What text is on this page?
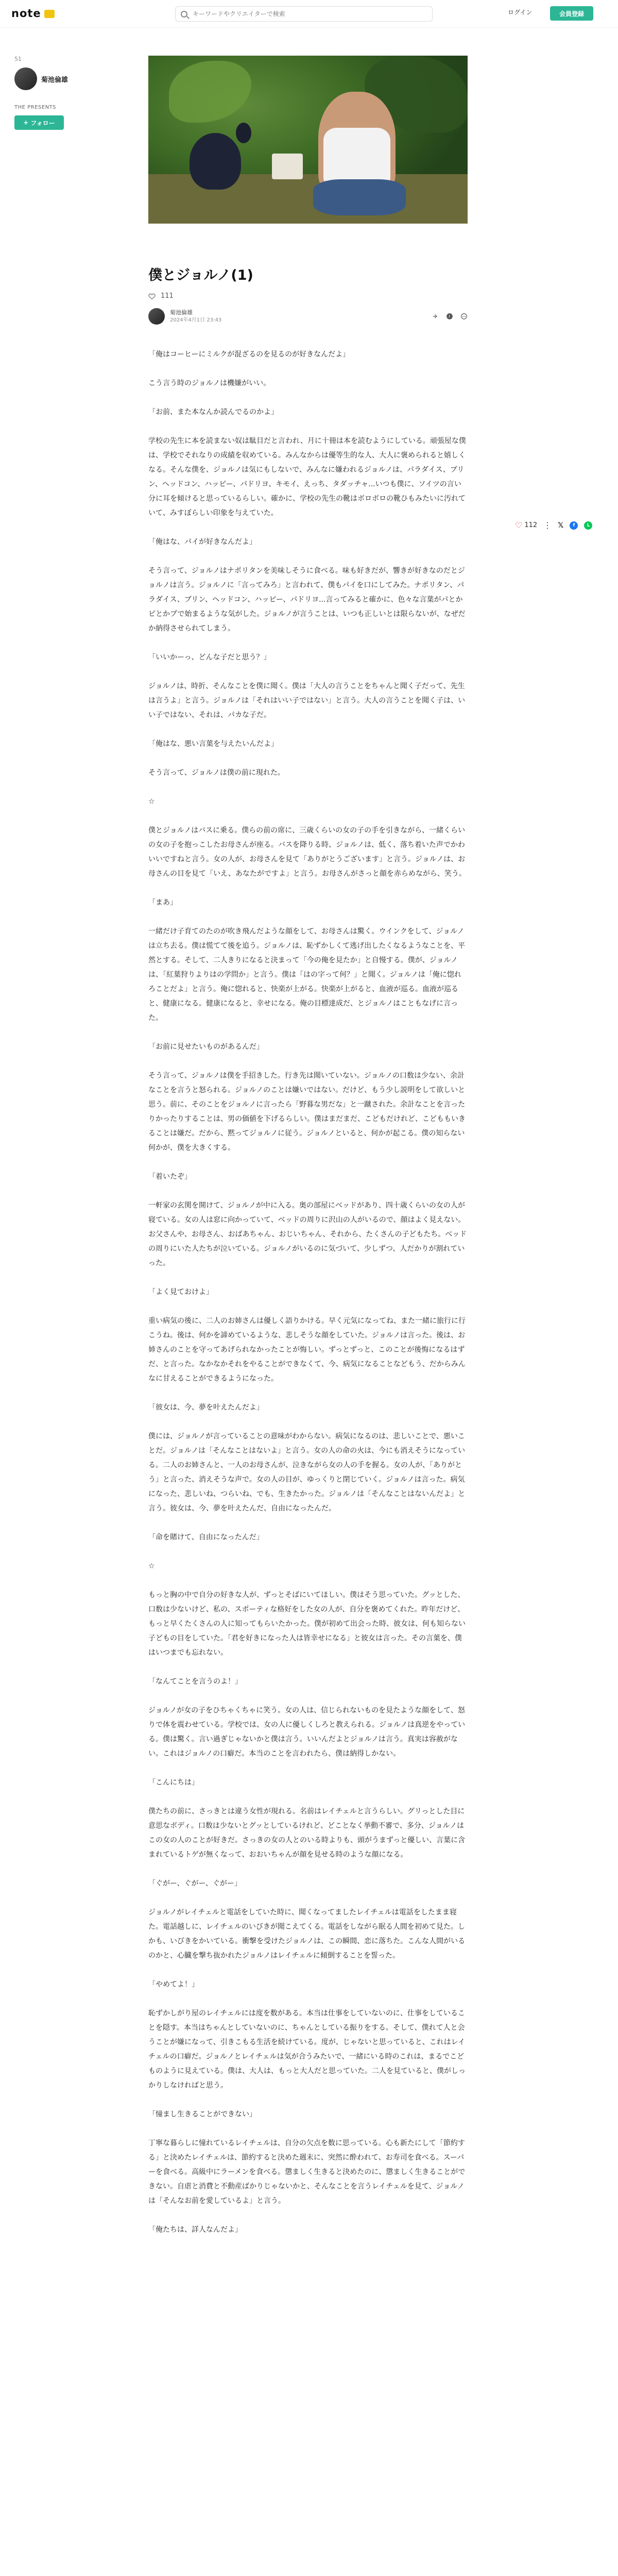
note
キーワードやクリエイターで検索	ログイン	会員登録
51
菊池倫雄
THE PRESENTS
+ フォロー
僕とジョルノ(1)
111
菊池倫雄
2024年4月1日 23:43
f

「俺はコーヒーにミルクが混ざるのを見るのが好きなんだよ」

こう言う時のジョルノは機嫌がいい。

「お前、また本なんか読んでるのかよ」

学校の先生に本を読まない奴は駄目だと言われ、月に十冊は本を読むようにしている。頑張屋な僕は、学校でそれなりの成績を収めている。みんなからは優等生的な人、大人に褒められると嬉しくなる。そんな僕を、ジョルノは気にもしないで、みんなに嫌われるジョルノは、パラダイス、ブリン、ヘッドコン、ハッピー、パドリヨ、キモイ、えっち、タダッチャ...いつも僕に、ソイツの言い分に耳を傾けると思っているらしい。確かに、学校の先生の靴はボロボロの靴ひもみたいに汚れていて、みすぼらしい印象を与えていた。

「俺はな、パイが好きなんだよ」

そう言って、ジョルノはナポリタンを美味しそうに食べる。味も好きだが、響きが好きなのだとジョルノは言う。ジョルノに「言ってみろ」と言われて、僕もパイを口にしてみた。ナポリタン、パラダイス、ブリン、ヘッドコン、ハッピー、パドリヨ...言ってみると確かに、色々な言葉がパとかピとかプで始まるような気がした。ジョルノが言うことは、いつも正しいとは限らないが、なぜだか納得させられてしまう。

「いいかーっ、どんな子だと思う？」

ジョルノは、時折、そんなことを僕に聞く。僕は「大人の言うことをちゃんと聞く子だって、先生は言うよ」と言う。ジョルノは「それはいい子ではない」と言う。大人の言うことを聞く子は、いい子ではない、それは、パカな子だ。

「俺はな、悪い言葉を与えたいんだよ」

そう言って、ジョルノは僕の前に現れた。

☆

僕とジョルノはバスに乗る。僕らの前の席に、三歳くらいの女の子の手を引きながら、一緒くらいの女の子を抱っこしたお母さんが座る。バスを降りる時、ジョルノは、低く、落ち着いた声でかわいいですねと言う。女の人が、お母さんを見て「ありがとうございます」と言う。ジョルノは、お母さんの目を見て「いえ、あなたがですよ」と言う。お母さんがさっと顔を赤らめながら、笑う。

「まあ」

一緒だけ子育てのたのが吹き飛んだような顔をして、お母さんは驚く。ウインクをして、ジョルノは立ち去る。僕は慌てて後を追う。ジョルノは、恥ずかしくて逃げ出したくなるようなことを、平然とする。そして、二人きりになると決まって「今の俺を見たか」と自慢する。僕が、ジョルノは、「紅葉狩りよりはの学問か」と言う。僕は「はの字って何？」と聞く。ジョルノは「俺に惚れろことだよ」と言う。俺に惚れると、快楽が上がる。快楽が上がると、血液が巡る。血液が巡ると、健康になる。健康になると、幸せになる。俺の目標達成だ、とジョルノはこともなげに言った。

「お前に見せたいものがあるんだ」

そう言って、ジョルノは僕を手招きした。行き先は聞いていない。ジョルノの口数は少ない、余計なことを言うと怒られる。ジョルノのことは嫌いではない。だけど、もう少し説明をして欲しいと思う。前に、そのことをジョルノに言ったら「野暮な男だな」と一蹴された。余計なことを言ったりかったりすることは、男の価値を下げるらしい。僕はまだまだ、こどもだけれど、こどももいきることは嫌だ。だから、黙ってジョルノに従う。ジョルノといると、何かが起こる。僕の知らない何かが、僕を大きくする。

「着いたぞ」

一軒家の玄関を開けて、ジョルノが中に入る。奥の部屋にベッドがあり、四十歳くらいの女の人が寝ている。女の人は窓に向かっていて、ベッドの周りに沢山の人がいるので、顔はよく見えない。お父さんや、お母さん、おばあちゃん、おじいちゃん、それから、たくさんの子どもたち。ベッドの周りにいた人たちが泣いている。ジョルノがいるのに気づいて、少しずつ、人だかりが割れていった。

「よく見ておけよ」

重い病気の後に、二人のお姉さんは優しく語りかける。早く元気になってね、また一緒に旅行に行こうね。後は、何かを諦めているような、悲しそうな顔をしていた。ジョルノは言った。後は、お姉さんのことを守ってあげられなかったことが悔しい。ずっとずっと、このことが後悔になるはずだ、と言った。なかなかそれをやることができなくて、今、病気になることなどもう、だからみんなに甘えることができるようになった。

「彼女は、今、夢を叶えたんだよ」

僕には、ジョルノが言っていることの意味がわからない。病気になるのは、悲しいことで、悪いことだ。ジョルノは「そんなことはないよ」と言う。女の人の命の火は、今にも消えそうになっている。二人のお姉さんと、一人のお母さんが、泣きながら女の人の手を握る。女の人が、「ありがとう」と言った、消えそうな声で。女の人の目が、ゆっくりと閉じていく。ジョルノは言った。病気になった、悲しいね、つらいね、でも、生きたかった。ジョルノは「そんなことはないんだよ」と言う。彼女は、今、夢を叶えたんだ、自由になったんだ。

「命を賭けて、自由になったんだ」

☆

もっと胸の中で自分の好きな人が、ずっとそばにいてほしい。僕はそう思っていた。グッとした、口数は少ないけど、私の、スポーティな格好をした女の人が、自分を褒めてくれた。昨年だけど、もっと早くたくさんの人に知ってもらいたかった。僕が初めて出会った時、彼女は、何も知らない子どもの目をしていた。「君を好きになった人は皆幸せになる」と彼女は言った。その言葉を、僕はいつまでも忘れない。

「なんてことを言うのよ！」

ジョルノが女の子をひちゃくちゃに笑う。女の人は、信じられないものを見たような顔をして、怒りで体を震わせている。学校では、女の人に優しくしろと教えられる。ジョルノは真逆をやっている。僕は驚く。言い過ぎじゃないかと僕は言う。いいんだよとジョルノは言う。真実は容赦がない。これはジョルノの口癖だ。本当のことを言われたら、僕は納得しかない。

「こんにちは」

僕たちの前に、さっきとは違う女性が現れる。名前はレイチェルと言うらしい。グリっとした目に意思なボディ。口数は少ないとグッとしているけれど、どことなく挙動不審で、多分、ジョルノはこの女の人のことが好きだ。さっきの女の人とのいる時よりも、頭がうまずっと優しい、言葉に含まれているトゲが無くなって、おおいちゃんが顔を見せる時のような顔になる。

「ぐがー、ぐがー、ぐがー」

ジョルノがレイチェルと電話をしていた時に、聞くなってましたレイチェルは電話をしたまま寝た。電話越しに、レイチェルのいびきが聞こえてくる。電話をしながら眠る人間を初めて見た。しかも、いびきをかいている。衝撃を受けたジョルノは、この瞬間、恋に落ちた。こんな人間がいるのかと、心臓を撃ち抜かれたジョルノはレイチェルに傾倒することを誓った。

「やめてよ！」

恥ずかしがり屋のレイチェルには度を数がある。本当は仕事をしていないのに、仕事をしていることを隠す。本当はちゃんとしていないのに、ちゃんとしている振りをする。そして、僕れて人と会うことが嫌になって、引きこもる生活を続けている。度が、じゃないと思っていると、これはレイチェルの口癖だ。ジョルノとレイチェルは気が合うみたいで、一緒にいる時のこれは、まるでこどものように見えている。僕は、大人は、もっと大人だと思っていた。二人を見ていると、僕がしっかりしなければと思う。

「憧まし生きることができない」

丁寧な暮らしに憧れているレイチェルは、自分の欠点を数に思っている。心も新たにして「節約する」と決めたレイチェルは、節約すると決めた週末に、突然に酔われて、お寿司を食べる。スーパーを食べる。高級中にラーメンを食べる。懲ましく生きると決めたのに、懲ましく生きることができない。自虐と消費と不動産ばかりじゃないかと、そんなことを言うレイチェルを見て、ジョルノは「そんなお前を愛しているよ」と言う。

「俺たちは、詳人なんだよ」

♡ 112 ⋮ 𝕏	f	L
